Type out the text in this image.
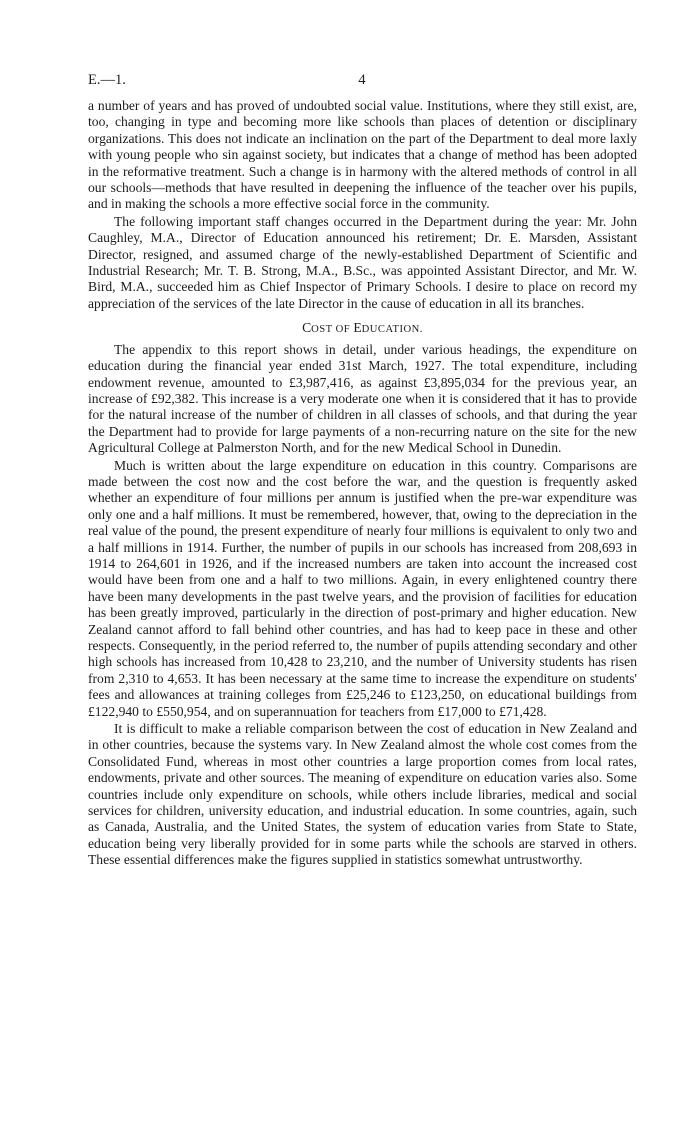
E.—1.	4

a number of years and has proved of undoubted social value. Institutions, where they still exist, are, too, changing in type and becoming more like schools than places of detention or disciplinary organizations. This does not indicate an inclination on the part of the Department to deal more laxly with young people who sin against society, but indicates that a change of method has been adopted in the reformative treatment. Such a change is in harmony with the altered methods of control in all our schools—methods that have resulted in deepening the influence of the teacher over his pupils, and in making the schools a more effective social force in the community.

The following important staff changes occurred in the Department during the year: Mr. John Caughley, M.A., Director of Education announced his retirement; Dr. E. Marsden, Assistant Director, resigned, and assumed charge of the newly-established Department of Scientific and Industrial Research; Mr. T. B. Strong, M.A., B.Sc., was appointed Assistant Director, and Mr. W. Bird, M.A., succeeded him as Chief Inspector of Primary Schools. I desire to place on record my appreciation of the services of the late Director in the cause of education in all its branches.

COST OF EDUCATION.

The appendix to this report shows in detail, under various headings, the expenditure on education during the financial year ended 31st March, 1927. The total expenditure, including endowment revenue, amounted to £3,987,416, as against £3,895,034 for the previous year, an increase of £92,382. This increase is a very moderate one when it is considered that it has to provide for the natural increase of the number of children in all classes of schools, and that during the year the Department had to provide for large payments of a non-recurring nature on the site for the new Agricultural College at Palmerston North, and for the new Medical School in Dunedin.

Much is written about the large expenditure on education in this country. Comparisons are made between the cost now and the cost before the war, and the question is frequently asked whether an expenditure of four millions per annum is justified when the pre-war expenditure was only one and a half millions. It must be remembered, however, that, owing to the depreciation in the real value of the pound, the present expenditure of nearly four millions is equivalent to only two and a half millions in 1914. Further, the number of pupils in our schools has increased from 208,693 in 1914 to 264,601 in 1926, and if the increased numbers are taken into account the increased cost would have been from one and a half to two millions. Again, in every enlightened country there have been many developments in the past twelve years, and the provision of facilities for education has been greatly improved, particularly in the direction of post-primary and higher education. New Zealand cannot afford to fall behind other countries, and has had to keep pace in these and other respects. Consequently, in the period referred to, the number of pupils attending secondary and other high schools has increased from 10,428 to 23,210, and the number of University students has risen from 2,310 to 4,653. It has been necessary at the same time to increase the expenditure on students' fees and allowances at training colleges from £25,246 to £123,250, on educational buildings from £122,940 to £550,954, and on superannuation for teachers from £17,000 to £71,428.

It is difficult to make a reliable comparison between the cost of education in New Zealand and in other countries, because the systems vary. In New Zealand almost the whole cost comes from the Consolidated Fund, whereas in most other countries a large proportion comes from local rates, endowments, private and other sources. The meaning of expenditure on education varies also. Some countries include only expenditure on schools, while others include libraries, medical and social services for children, university education, and industrial education. In some countries, again, such as Canada, Australia, and the United States, the system of education varies from State to State, education being very liberally provided for in some parts while the schools are starved in others. These essential differences make the figures supplied in statistics somewhat untrustworthy.
